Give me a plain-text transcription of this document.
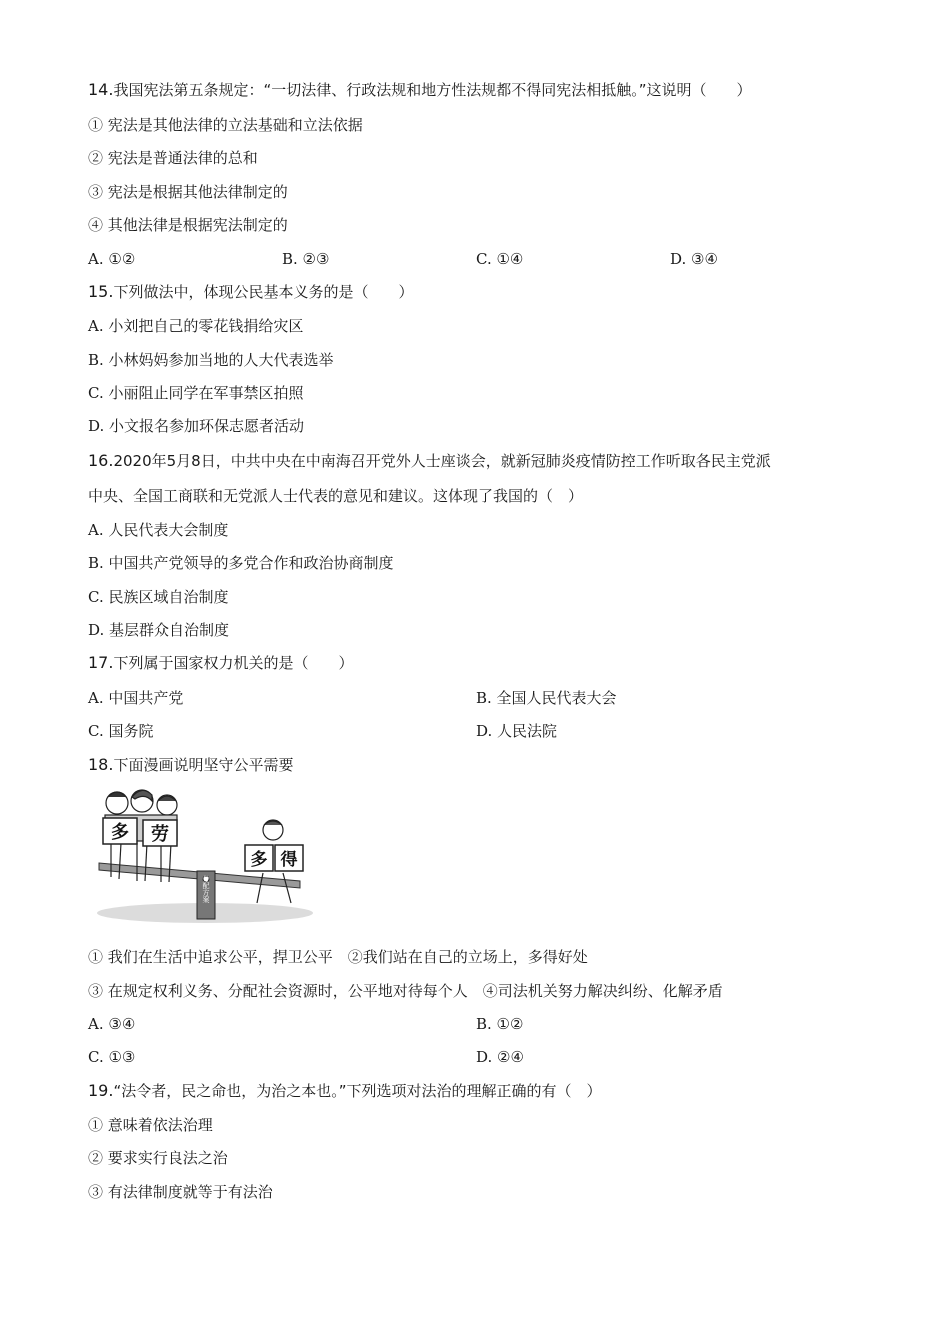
14.我国宪法第五条规定：“一切法律、行政法规和地方性法规都不得同宪法相抵触。”这说明（　　）
① 宪法是其他法律的立法基础和立法依据
② 宪法是普通法律的总和
③ 宪法是根据其他法律制定的
④ 其他法律是根据宪法制定的
A. ①②	B. ②③	C. ①④	D. ③④
15.下列做法中，体现公民基本义务的是（　　）
A. 小刘把自己的零花钱捐给灾区
B. 小林妈妈参加当地的人大代表选举
C. 小丽阻止同学在军事禁区拍照
D. 小文报名参加环保志愿者活动
16.2020年5月8日，中共中央在中南海召开党外人士座谈会，就新冠肺炎疫情防控工作听取各民主党派
中央、全国工商联和无党派人士代表的意见和建议。这体现了我国的（　）
A. 人民代表大会制度
B. 中国共产党领导的多党合作和政治协商制度
C. 民族区域自治制度
D. 基层群众自治制度
17.下列属于国家权力机关的是（　　）
A. 中国共产党	B. 全国人民代表大会
C. 国务院	D. 人民法院
18.下面漫画说明坚守公平需要
分配方案
多 劳
多 得
① 我们在生活中追求公平，捍卫公平　②我们站在自己的立场上，多得好处
③ 在规定权利义务、分配社会资源时，公平地对待每个人　④司法机关努力解决纠纷、化解矛盾
A. ③④	B. ①②
C. ①③	D. ②④
19.“法令者，民之命也，为治之本也。”下列选项对法治的理解正确的有（　）
① 意味着依法治理
② 要求实行良法之治
③ 有法律制度就等于有法治
